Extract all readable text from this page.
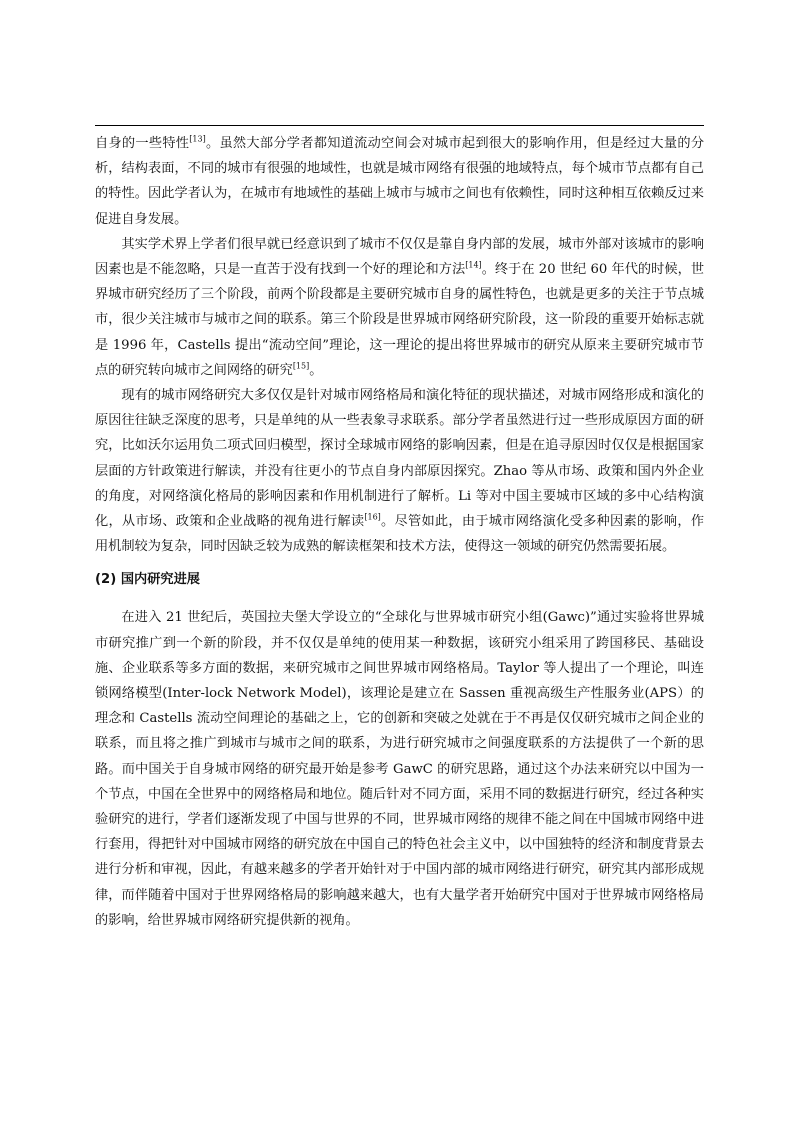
自身的一些特性[13]。虽然大部分学者都知道流动空间会对城市起到很大的影响作用，但是经过大量的分析，结构表面，不同的城市有很强的地域性，也就是城市网络有很强的地域特点，每个城市节点都有自己的特性。因此学者认为，在城市有地域性的基础上城市与城市之间也有依赖性，同时这种相互依赖反过来促进自身发展。

其实学术界上学者们很早就已经意识到了城市不仅仅是靠自身内部的发展，城市外部对该城市的影响因素也是不能忽略，只是一直苦于没有找到一个好的理论和方法[14]。终于在 20 世纪 60 年代的时候，世界城市研究经历了三个阶段，前两个阶段都是主要研究城市自身的属性特色，也就是更多的关注于节点城市，很少关注城市与城市之间的联系。第三个阶段是世界城市网络研究阶段，这一阶段的重要开始标志就是 1996 年，Castells 提出“流动空间”理论，这一理论的提出将世界城市的研究从原来主要研究城市节点的研究转向城市之间网络的研究[15]。

现有的城市网络研究大多仅仅是针对城市网络格局和演化特征的现状描述，对城市网络形成和演化的原因往往缺乏深度的思考，只是单纯的从一些表象寻求联系。部分学者虽然进行过一些形成原因方面的研究，比如沃尔运用负二项式回归模型，探讨全球城市网络的影响因素，但是在追寻原因时仅仅是根据国家层面的方针政策进行解读，并没有往更小的节点自身内部原因探究。Zhao 等从市场、政策和国内外企业的角度，对网络演化格局的影响因素和作用机制进行了解析。Li 等对中国主要城市区域的多中心结构演化，从市场、政策和企业战略的视角进行解读[16]。尽管如此，由于城市网络演化受多种因素的影响，作用机制较为复杂，同时因缺乏较为成熟的解读框架和技术方法，使得这一领域的研究仍然需要拓展。

(2) 国内研究进展

在进入 21 世纪后，英国拉夫堡大学设立的“全球化与世界城市研究小组(Gawc)”通过实验将世界城市研究推广到一个新的阶段，并不仅仅是单纯的使用某一种数据，该研究小组采用了跨国移民、基础设施、企业联系等多方面的数据，来研究城市之间世界城市网络格局。Taylor 等人提出了一个理论，叫连锁网络模型(Inter-lock Network Model)，该理论是建立在 Sassen 重视高级生产性服务业(APS）的理念和 Castells 流动空间理论的基础之上，它的创新和突破之处就在于不再是仅仅研究城市之间企业的联系，而且将之推广到城市与城市之间的联系，为进行研究城市之间强度联系的方法提供了一个新的思路。而中国关于自身城市网络的研究最开始是参考 GawC 的研究思路，通过这个办法来研究以中国为一个节点，中国在全世界中的网络格局和地位。随后针对不同方面，采用不同的数据进行研究，经过各种实验研究的进行，学者们逐渐发现了中国与世界的不同，世界城市网络的规律不能之间在中国城市网络中进行套用，得把针对中国城市网络的研究放在中国自己的特色社会主义中，以中国独特的经济和制度背景去进行分析和审视，因此，有越来越多的学者开始针对于中国内部的城市网络进行研究，研究其内部形成规律，而伴随着中国对于世界网络格局的影响越来越大，也有大量学者开始研究中国对于世界城市网络格局的影响，给世界城市网络研究提供新的视角。
